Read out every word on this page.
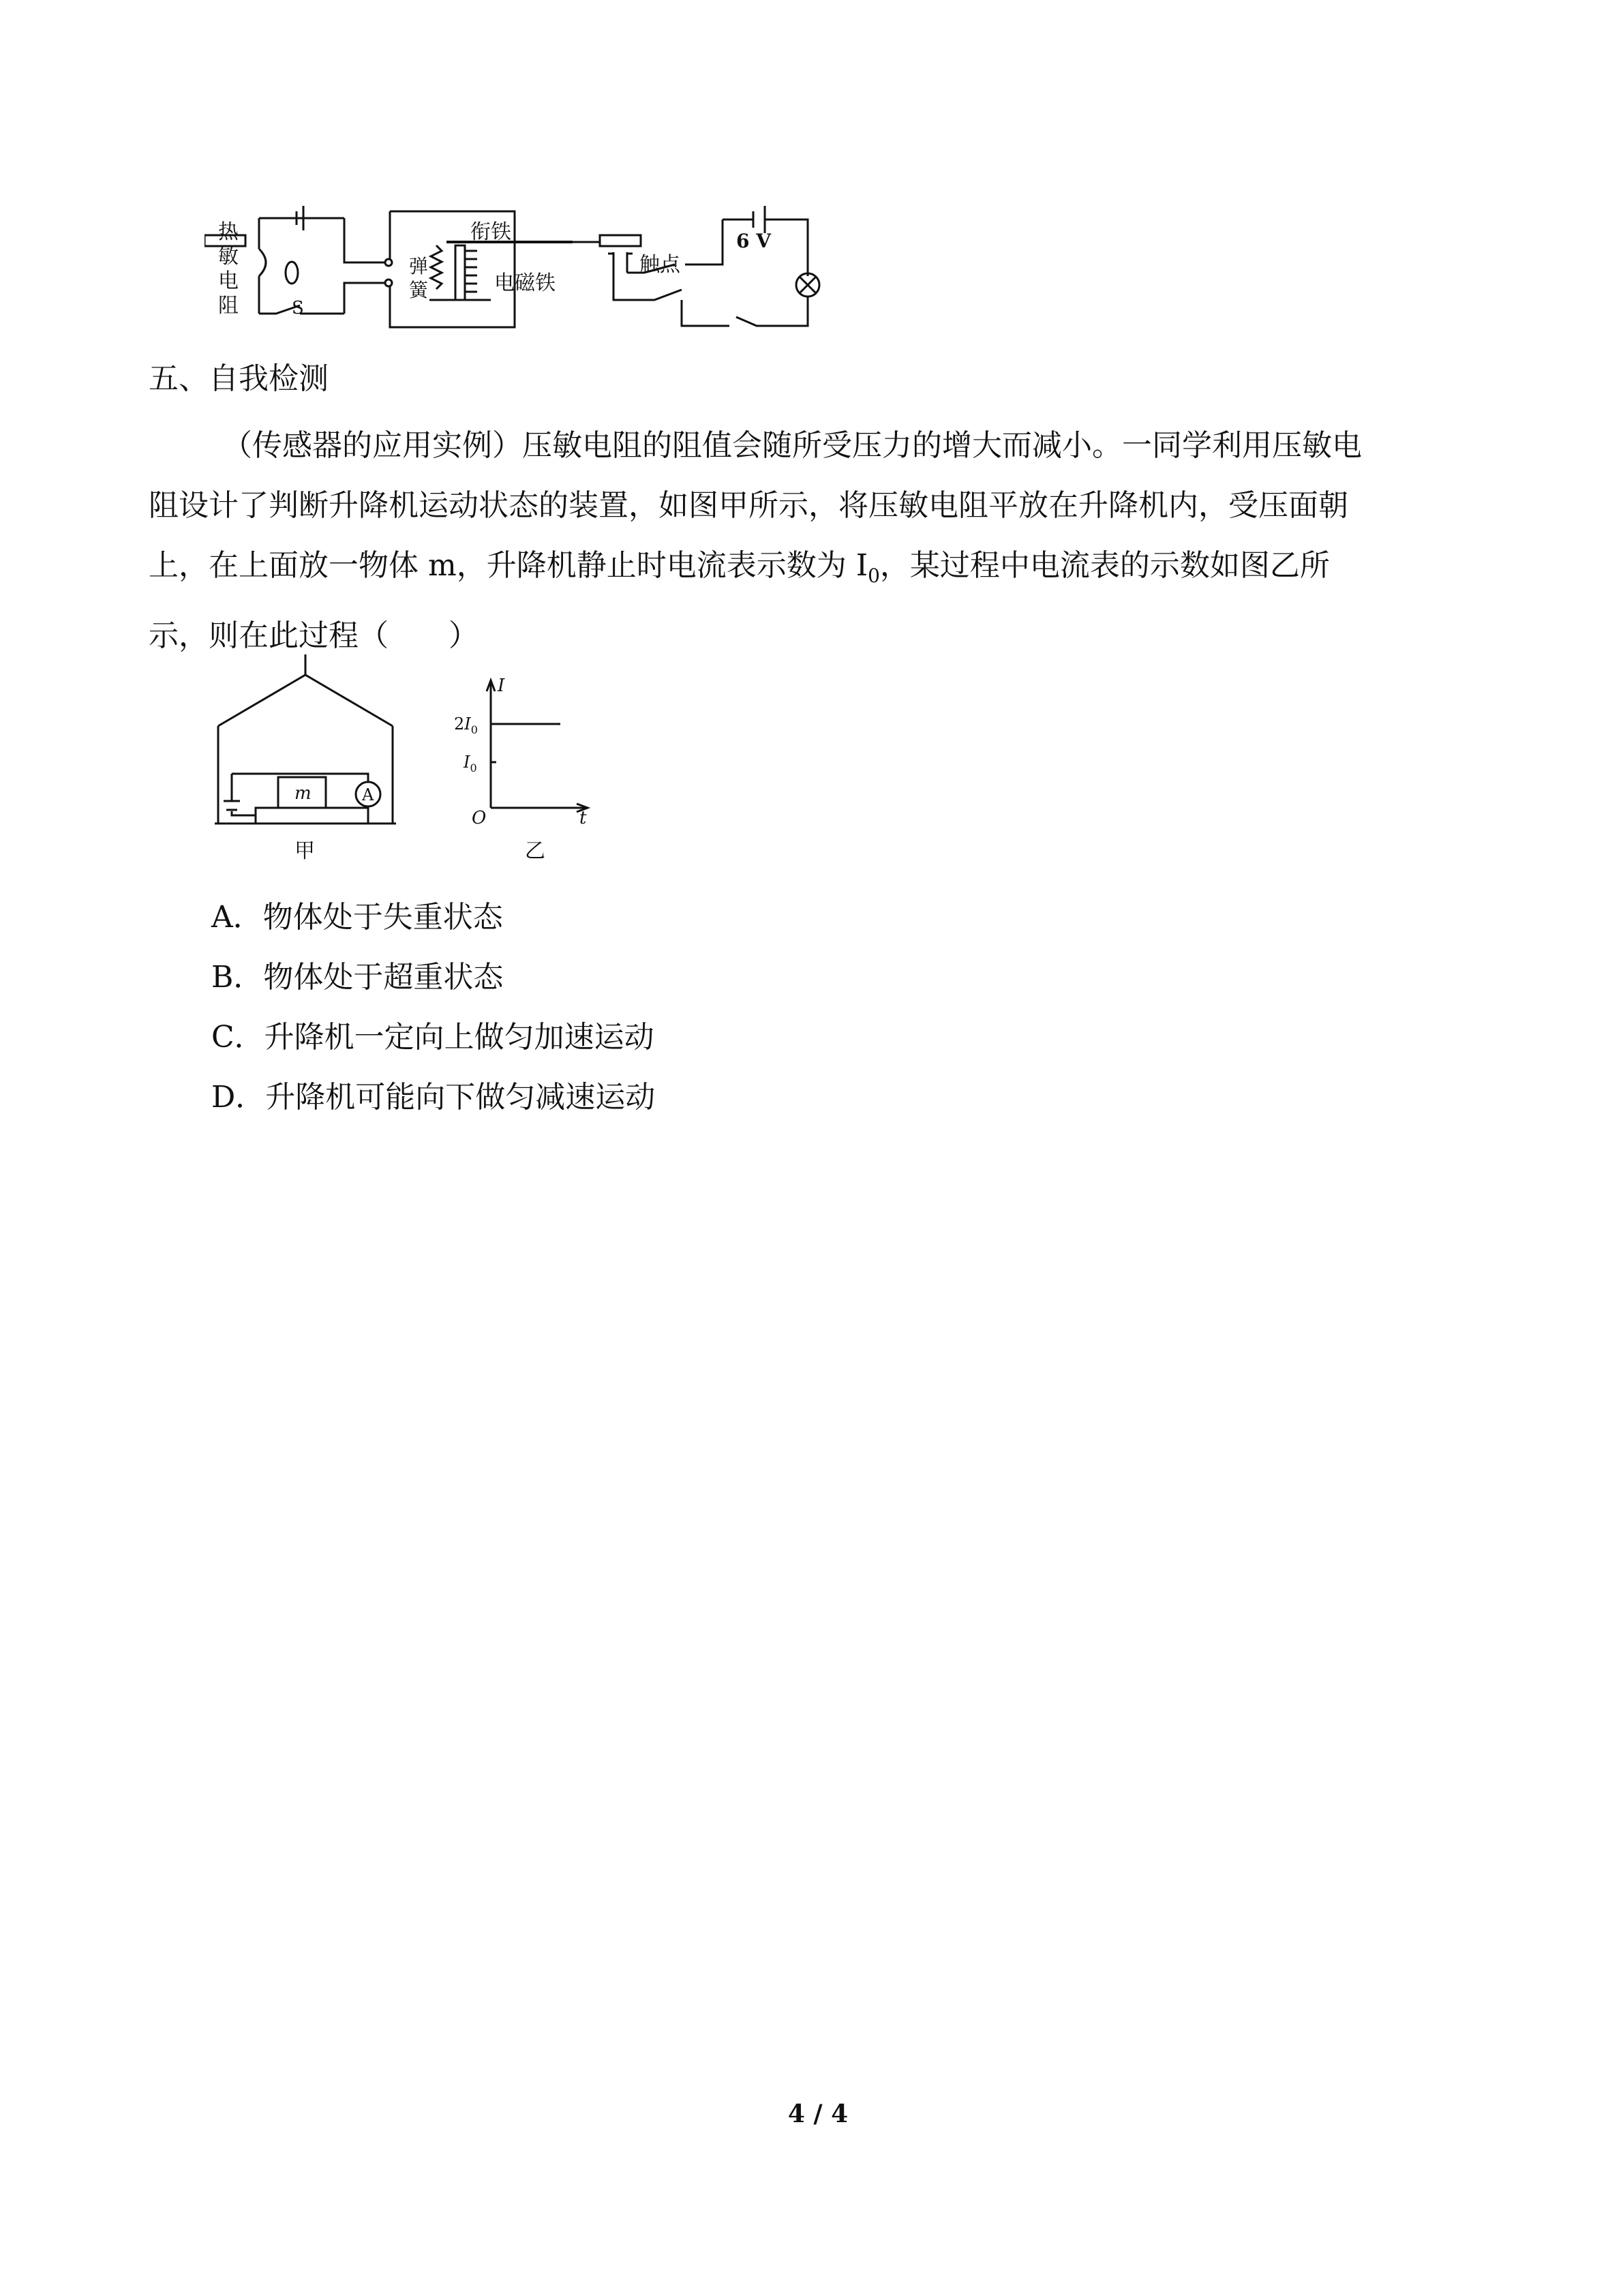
热
敏
电
阻	S
弹
簧
衔铁
电磁铁
触点
6 V
五、自我检测
（传感器的应用实例）压敏电阻的阻值会随所受压力的增大而减小。一同学利用压敏电
阻设计了判断升降机运动状态的装置，如图甲所示，将压敏电阻平放在升降机内，受压面朝
上，在上面放一物体 m，升降机静止时电流表示数为 $I_0$，某过程中电流表的示数如图乙所
示，则在此过程（　　）
m	A
甲
I
t
O
$2I_0$
$I_0$
乙
A．物体处于失重状态
B．物体处于超重状态
C．升降机一定向上做匀加速运动
D．升降机可能向下做匀减速运动
4 / 4
